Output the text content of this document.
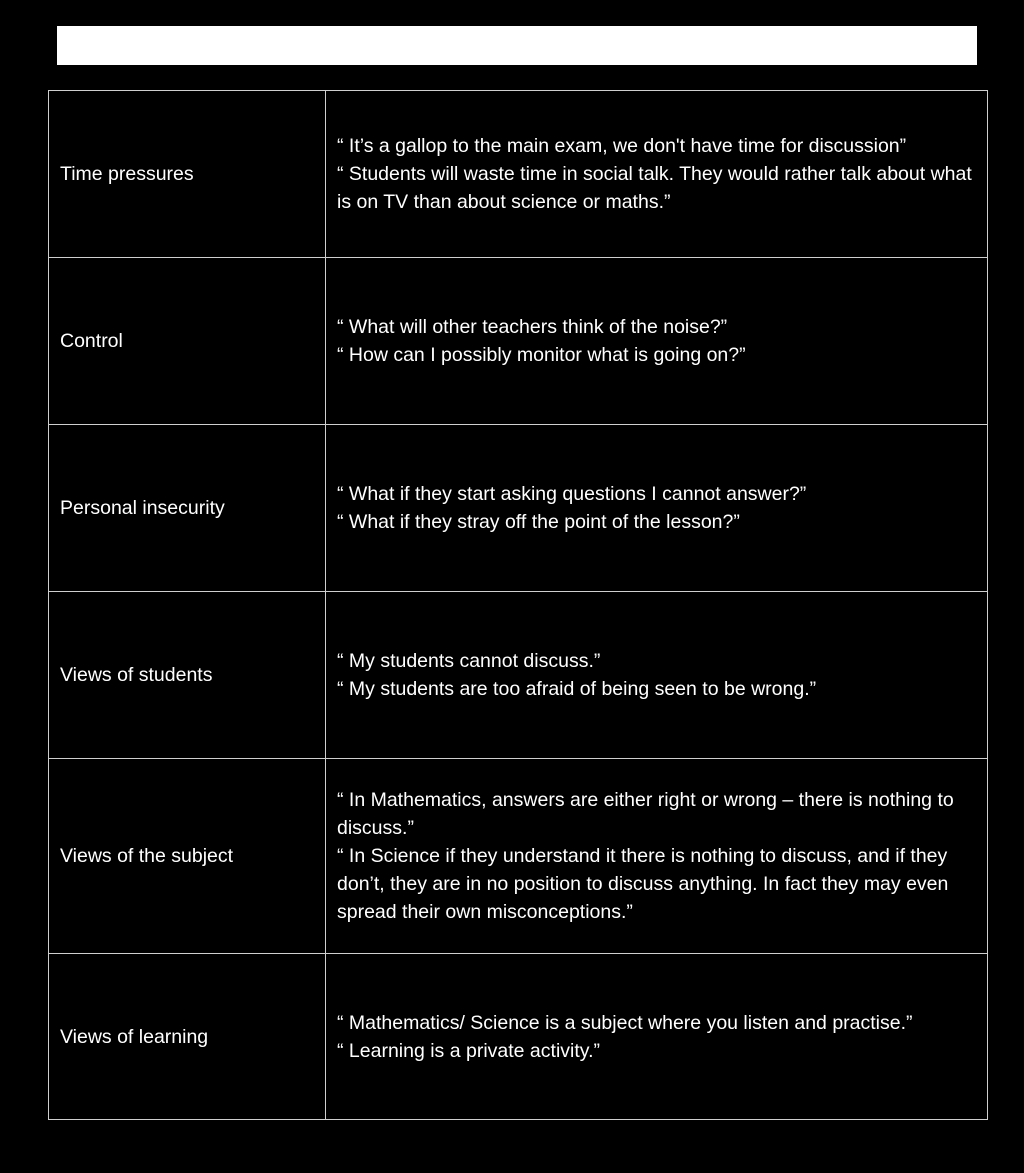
Time pressures	“ It’s a gallop to the main exam, we don't have time for discussion”
“ Students will waste time in social talk. They would rather talk about what is on TV than about science or maths.”

Control	“ What will other teachers think of the noise?”
“ How can I possibly monitor what is going on?”

Personal insecurity	“ What if they start asking questions I cannot answer?”
“ What if they stray off the point of the lesson?”

Views of students	“ My students cannot discuss.”
“ My students are too afraid of being seen to be wrong.”

Views of the subject	“ In Mathematics, answers are either right or wrong – there is nothing to discuss.”
“ In Science if they understand it there is nothing to discuss, and if they don’t, they are in no position to discuss anything. In fact they may even spread their own misconceptions.”

Views of learning	“ Mathematics/ Science is a subject where you listen and practise.”
“ Learning is a private activity.”
